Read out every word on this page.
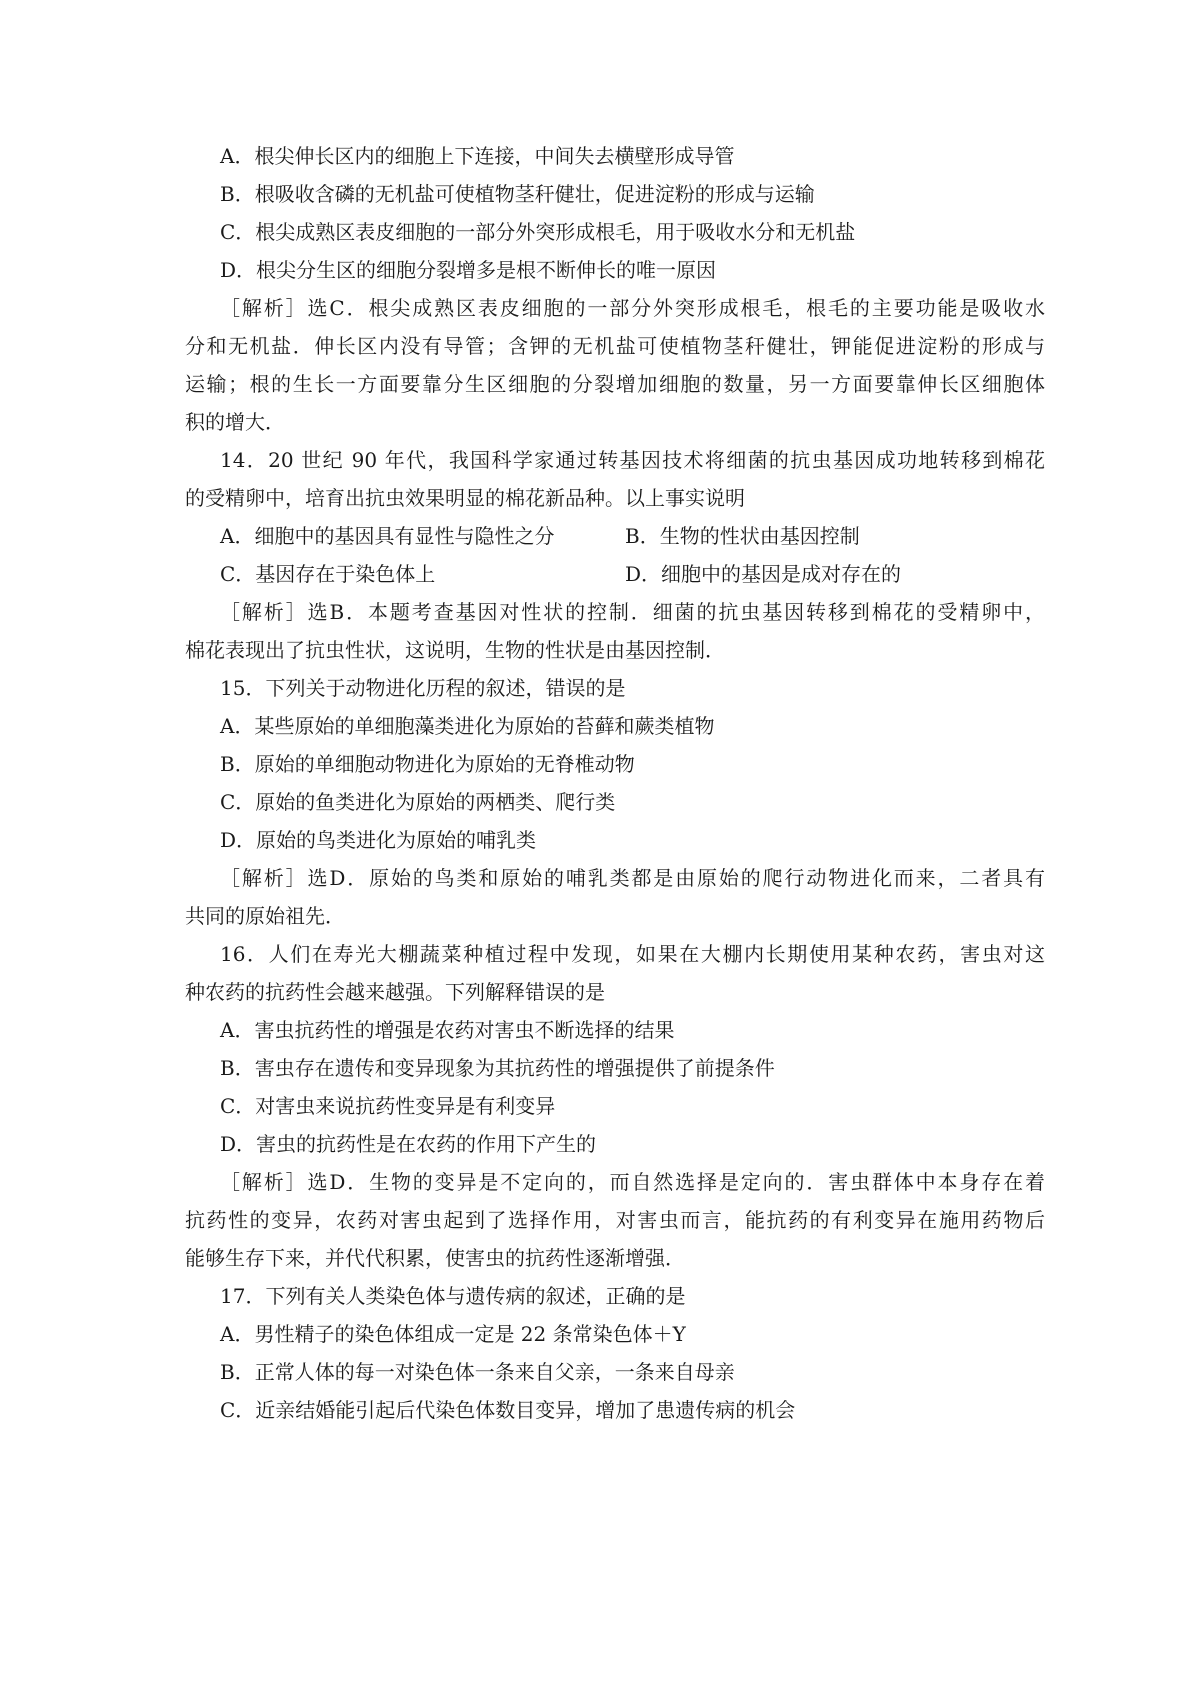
A．根尖伸长区内的细胞上下连接，中间失去横壁形成导管
B．根吸收含磷的无机盐可使植物茎秆健壮，促进淀粉的形成与运输
C．根尖成熟区表皮细胞的一部分外突形成根毛，用于吸收水分和无机盐
D．根尖分生区的细胞分裂增多是根不断伸长的唯一原因
［解析］选C．根尖成熟区表皮细胞的一部分外突形成根毛，根毛的主要功能是吸收水
分和无机盐．伸长区内没有导管；含钾的无机盐可使植物茎秆健壮，钾能促进淀粉的形成与
运输；根的生长一方面要靠分生区细胞的分裂增加细胞的数量，另一方面要靠伸长区细胞体
积的增大．
14．20 世纪 90 年代，我国科学家通过转基因技术将细菌的抗虫基因成功地转移到棉花
的受精卵中，培育出抗虫效果明显的棉花新品种。以上事实说明
A．细胞中的基因具有显性与隐性之分	B．生物的性状由基因控制
C．基因存在于染色体上	D．细胞中的基因是成对存在的
［解析］选B．本题考查基因对性状的控制．细菌的抗虫基因转移到棉花的受精卵中，
棉花表现出了抗虫性状，这说明，生物的性状是由基因控制．
15．下列关于动物进化历程的叙述，错误的是
A．某些原始的单细胞藻类进化为原始的苔藓和蕨类植物
B．原始的单细胞动物进化为原始的无脊椎动物
C．原始的鱼类进化为原始的两栖类、爬行类
D．原始的鸟类进化为原始的哺乳类
［解析］选D．原始的鸟类和原始的哺乳类都是由原始的爬行动物进化而来，二者具有
共同的原始祖先．
16．人们在寿光大棚蔬菜种植过程中发现，如果在大棚内长期使用某种农药，害虫对这
种农药的抗药性会越来越强。下列解释错误的是
A．害虫抗药性的增强是农药对害虫不断选择的结果
B．害虫存在遗传和变异现象为其抗药性的增强提供了前提条件
C．对害虫来说抗药性变异是有利变异
D．害虫的抗药性是在农药的作用下产生的
［解析］选D．生物的变异是不定向的，而自然选择是定向的．害虫群体中本身存在着
抗药性的变异，农药对害虫起到了选择作用，对害虫而言，能抗药的有利变异在施用药物后
能够生存下来，并代代积累，使害虫的抗药性逐渐增强．
17．下列有关人类染色体与遗传病的叙述，正确的是
A．男性精子的染色体组成一定是 22 条常染色体＋Y
B．正常人体的每一对染色体一条来自父亲，一条来自母亲
C．近亲结婚能引起后代染色体数目变异，增加了患遗传病的机会
